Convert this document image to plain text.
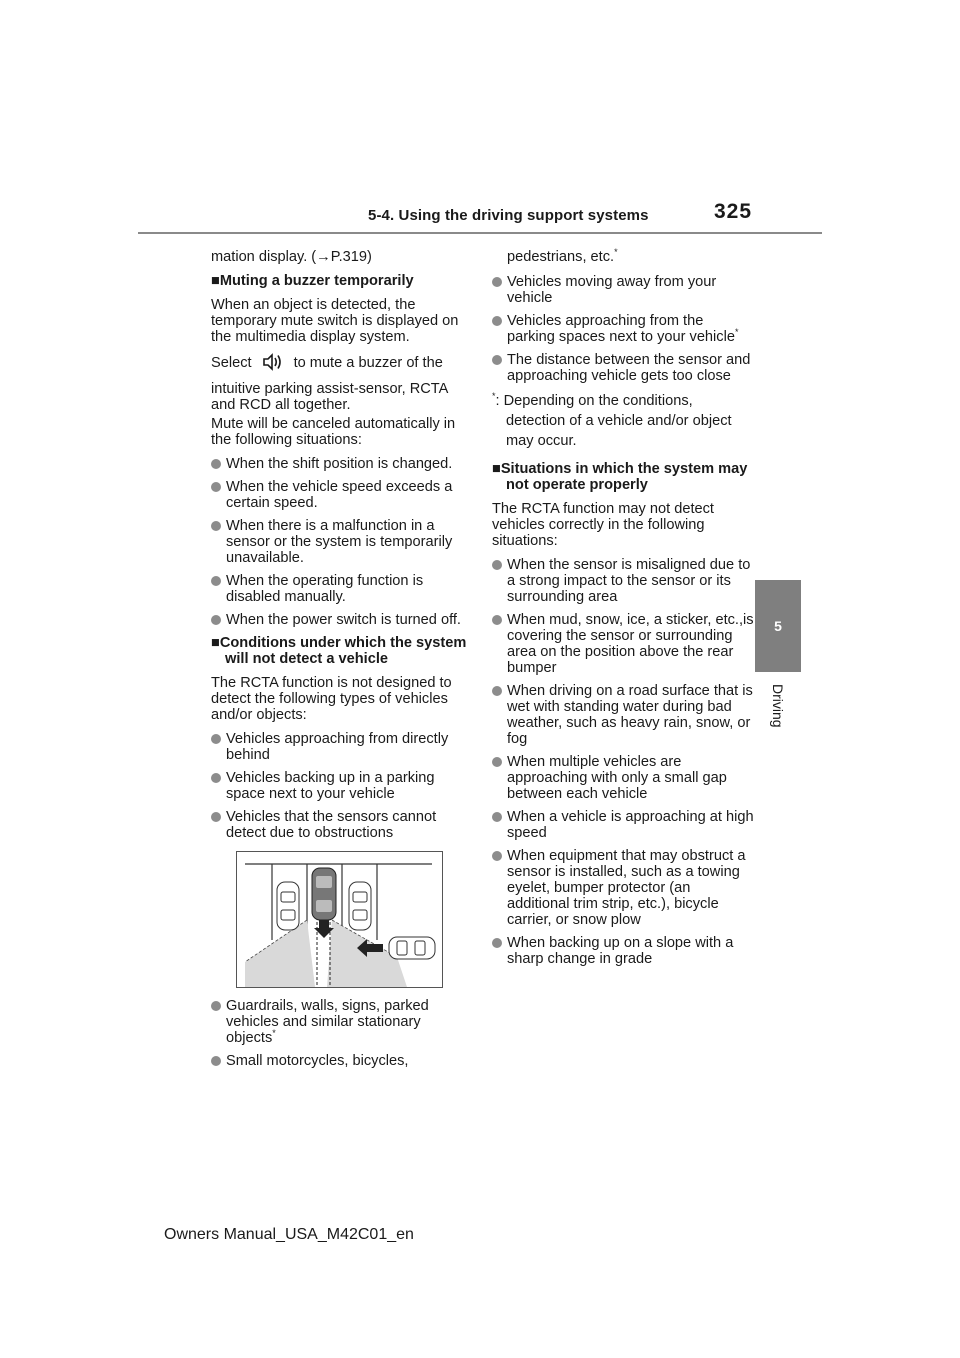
5-4. Using the driving support systems	325
5
Driving

mation display. (→P.319)

■Muting a buzzer temporarily

When an object is detected, the temporary mute switch is displayed on the multimedia display system.

Select	to mute a buzzer of the

intuitive parking assist-sensor, RCTA and RCD all together.

Mute will be canceled automatically in the following situations:

When the shift position is changed.

When the vehicle speed exceeds a certain speed.

When there is a malfunction in a sensor or the system is temporarily unavailable.

When the operating function is disabled manually.

When the power switch is turned off.

■Conditions under which the system will not detect a vehicle

The RCTA function is not designed to detect the following types of vehicles and/or objects:

Vehicles approaching from directly behind

Vehicles backing up in a parking space next to your vehicle

Vehicles that the sensors cannot detect due to obstructions

Guardrails, walls, signs, parked vehicles and similar stationary objects*

Small motorcycles, bicycles,

pedestrians, etc.*

Vehicles moving away from your vehicle

Vehicles approaching from the parking spaces next to your vehicle*

The distance between the sensor and approaching vehicle gets too close

*: Depending on the conditions, detection of a vehicle and/or object may occur.

■Situations in which the system may not operate properly

The RCTA function may not detect vehicles correctly in the following situations:

When the sensor is misaligned due to a strong impact to the sensor or its surrounding area

When mud, snow, ice, a sticker, etc.,is covering the sensor or surrounding area on the position above the rear bumper

When driving on a road surface that is wet with standing water during bad weather, such as heavy rain, snow, or fog

When multiple vehicles are approaching with only a small gap between each vehicle

When a vehicle is approaching at high speed

When equipment that may obstruct a sensor is installed, such as a towing eyelet, bumper protector (an additional trim strip, etc.), bicycle carrier, or snow plow

When backing up on a slope with a sharp change in grade

Owners Manual_USA_M42C01_en
